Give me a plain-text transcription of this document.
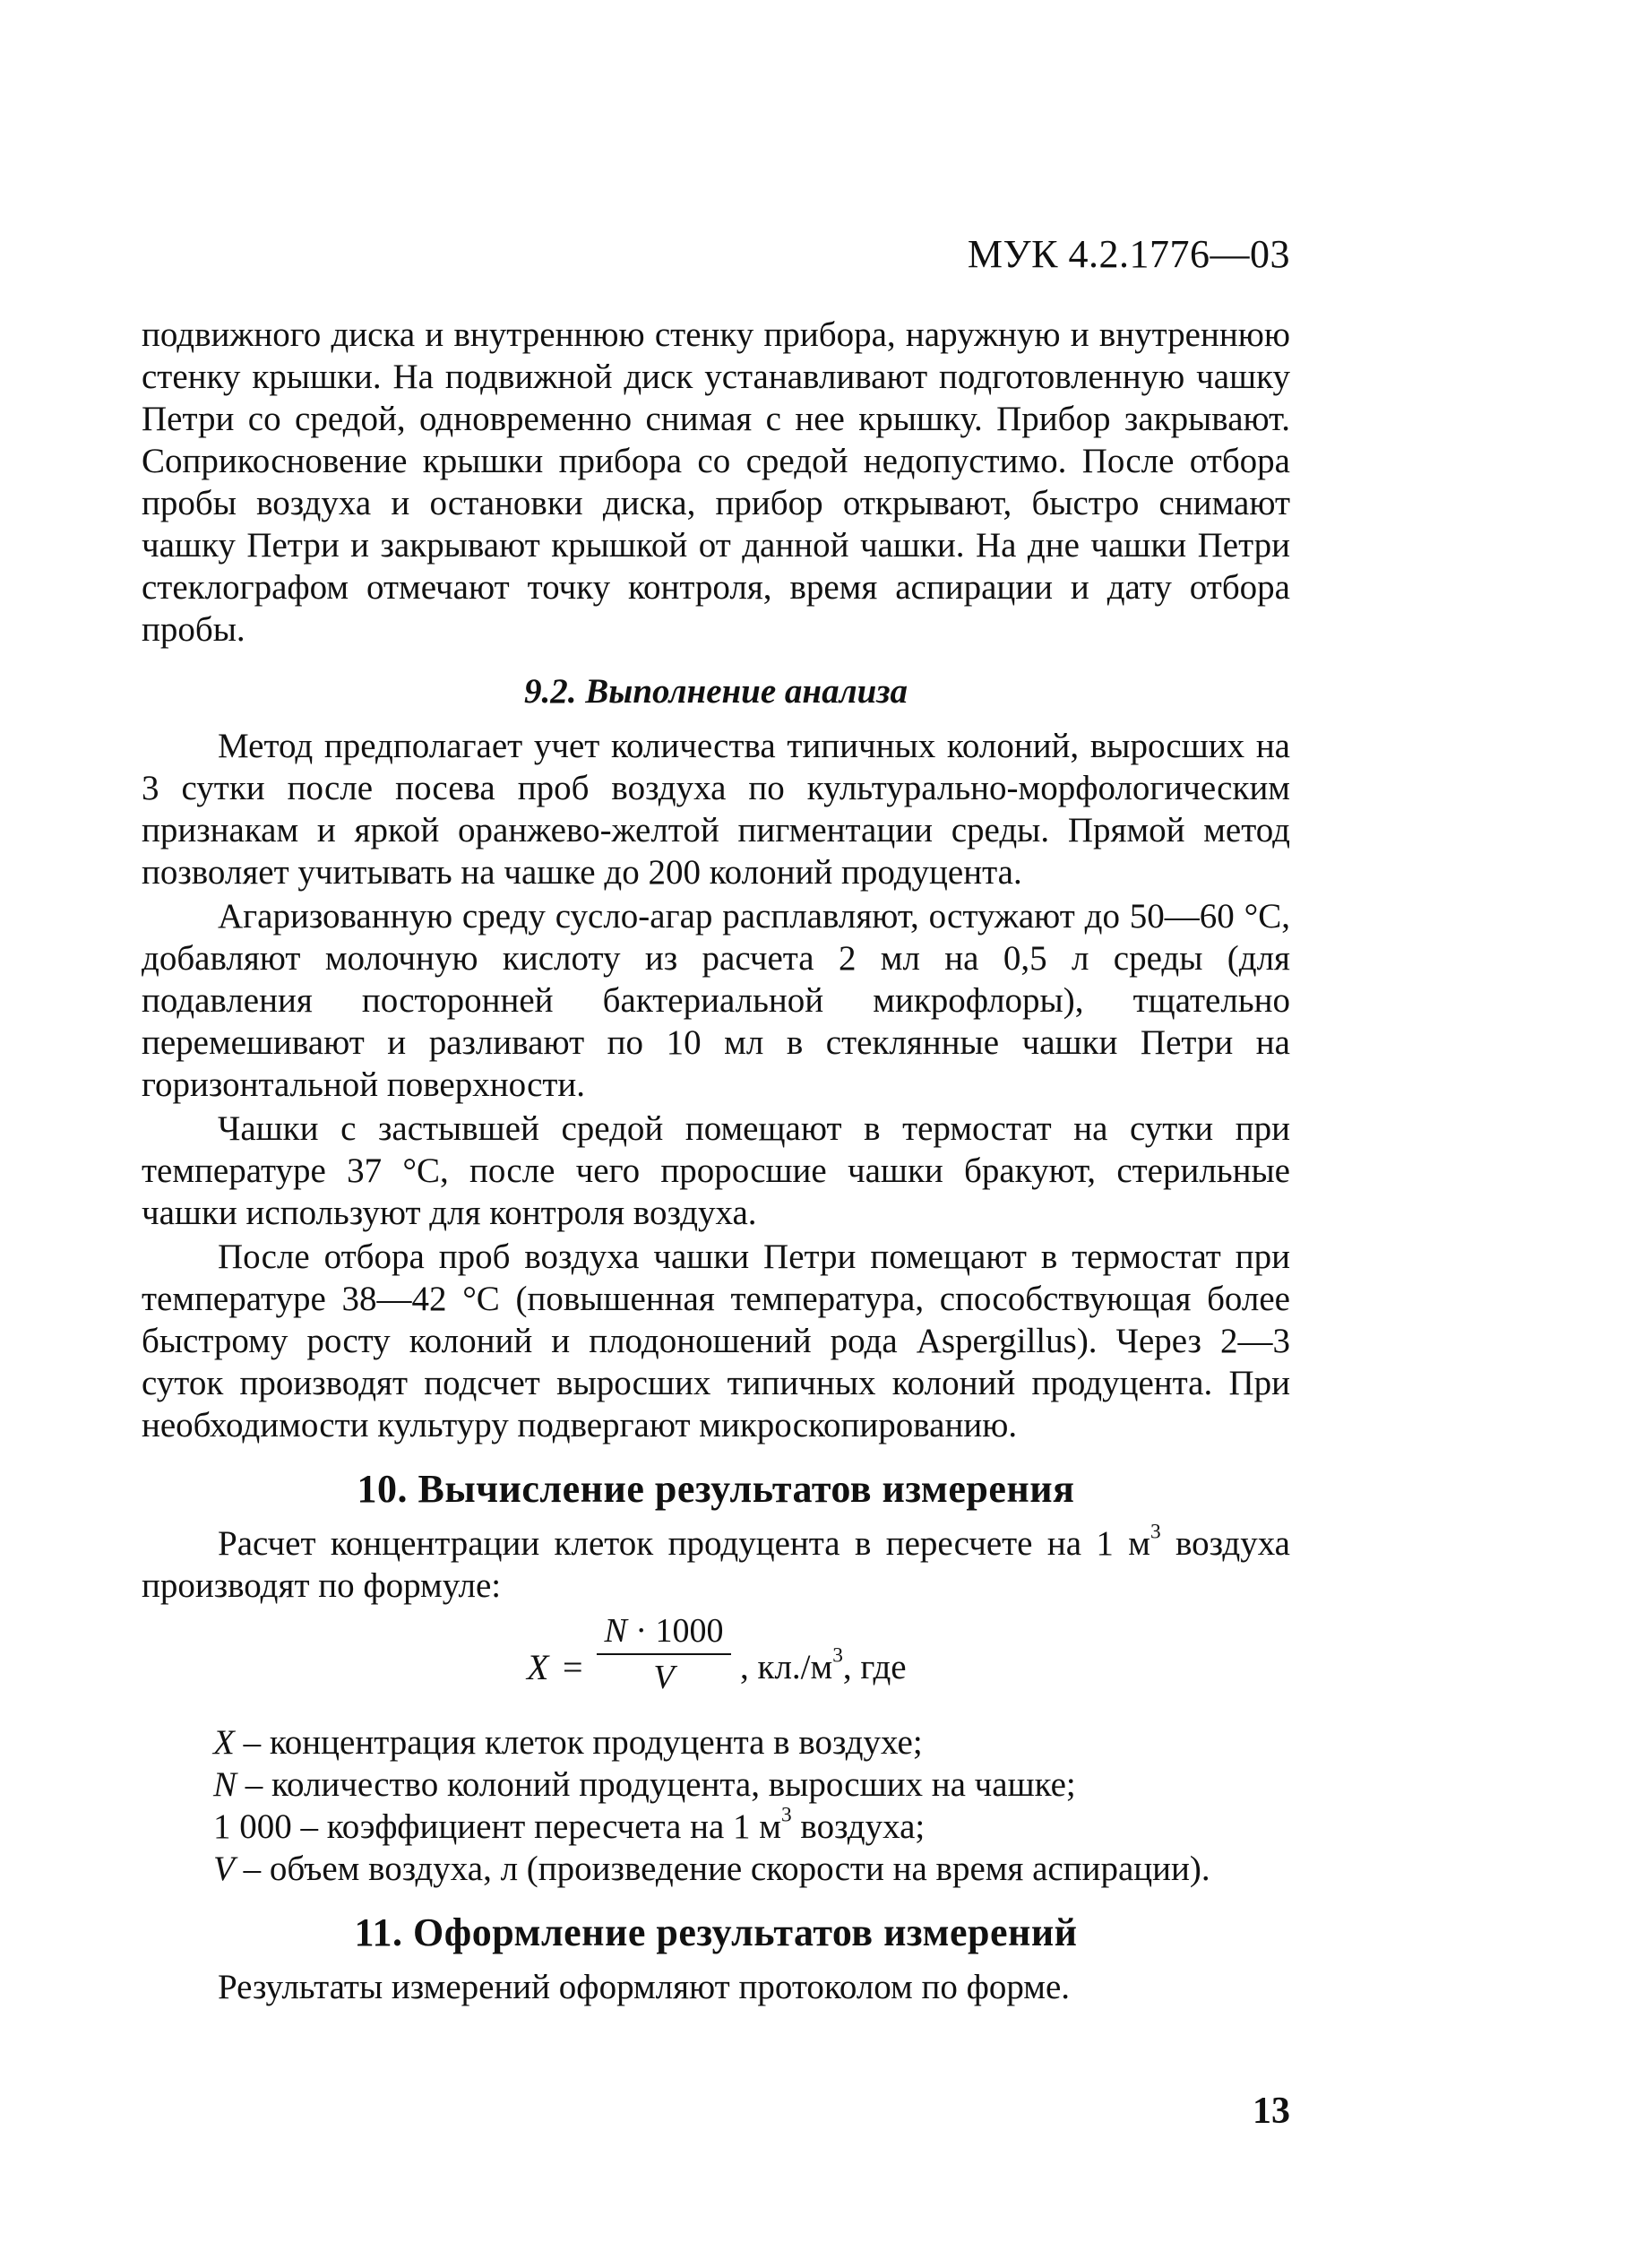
МУК 4.2.1776—03

подвижного диска и внутреннюю стенку прибора, наружную и внутреннюю стенку крышки. На подвижной диск устанавливают подготовленную чашку Петри со средой, одновременно снимая с нее крышку. Прибор закрывают. Соприкосновение крышки прибора со средой недопустимо. После отбора пробы воздуха и остановки диска, прибор открывают, быстро снимают чашку Петри и закрывают крышкой от данной чашки. На дне чашки Петри стеклографом отмечают точку контроля, время аспирации и дату отбора пробы.

9.2. Выполнение анализа

Метод предполагает учет количества типичных колоний, выросших на 3 сутки после посева проб воздуха по культурально-морфологическим признакам и яркой оранжево-желтой пигментации среды. Прямой метод позволяет учитывать на чашке до 200 колоний продуцента.

Агаризованную среду сусло-агар расплавляют, остужают до 50—60 °С, добавляют молочную кислоту из расчета 2 мл на 0,5 л среды (для подавления посторонней бактериальной микрофлоры), тщательно перемешивают и разливают по 10 мл в стеклянные чашки Петри на горизонтальной поверхности.

Чашки с застывшей средой помещают в термостат на сутки при температуре 37 °С, после чего проросшие чашки бракуют, стерильные чашки используют для контроля воздуха.

После отбора проб воздуха чашки Петри помещают в термостат при температуре 38—42 °С (повышенная температура, способствующая более быстрому росту колоний и плодоношений рода Aspergillus). Через 2—3 суток производят подсчет выросших типичных колоний продуцента. При необходимости культуру подвергают микроскопированию.

10. Вычисление результатов измерения

Расчет концентрации клеток продуцента в пересчете на 1 $м^3$ воздуха производят по формуле:

X =
N · 1000
V	, $кл./м^3$, где
X – концентрация клеток продуцента в воздухе;
N – количество колоний продуцента, выросших на чашке;
1 000 – коэффициент пересчета на 1 $м^3$ воздуха;
V – объем воздуха, л (произведение скорости на время аспирации).
11. Оформление результатов измерений

Результаты измерений оформляют протоколом по форме.

13
